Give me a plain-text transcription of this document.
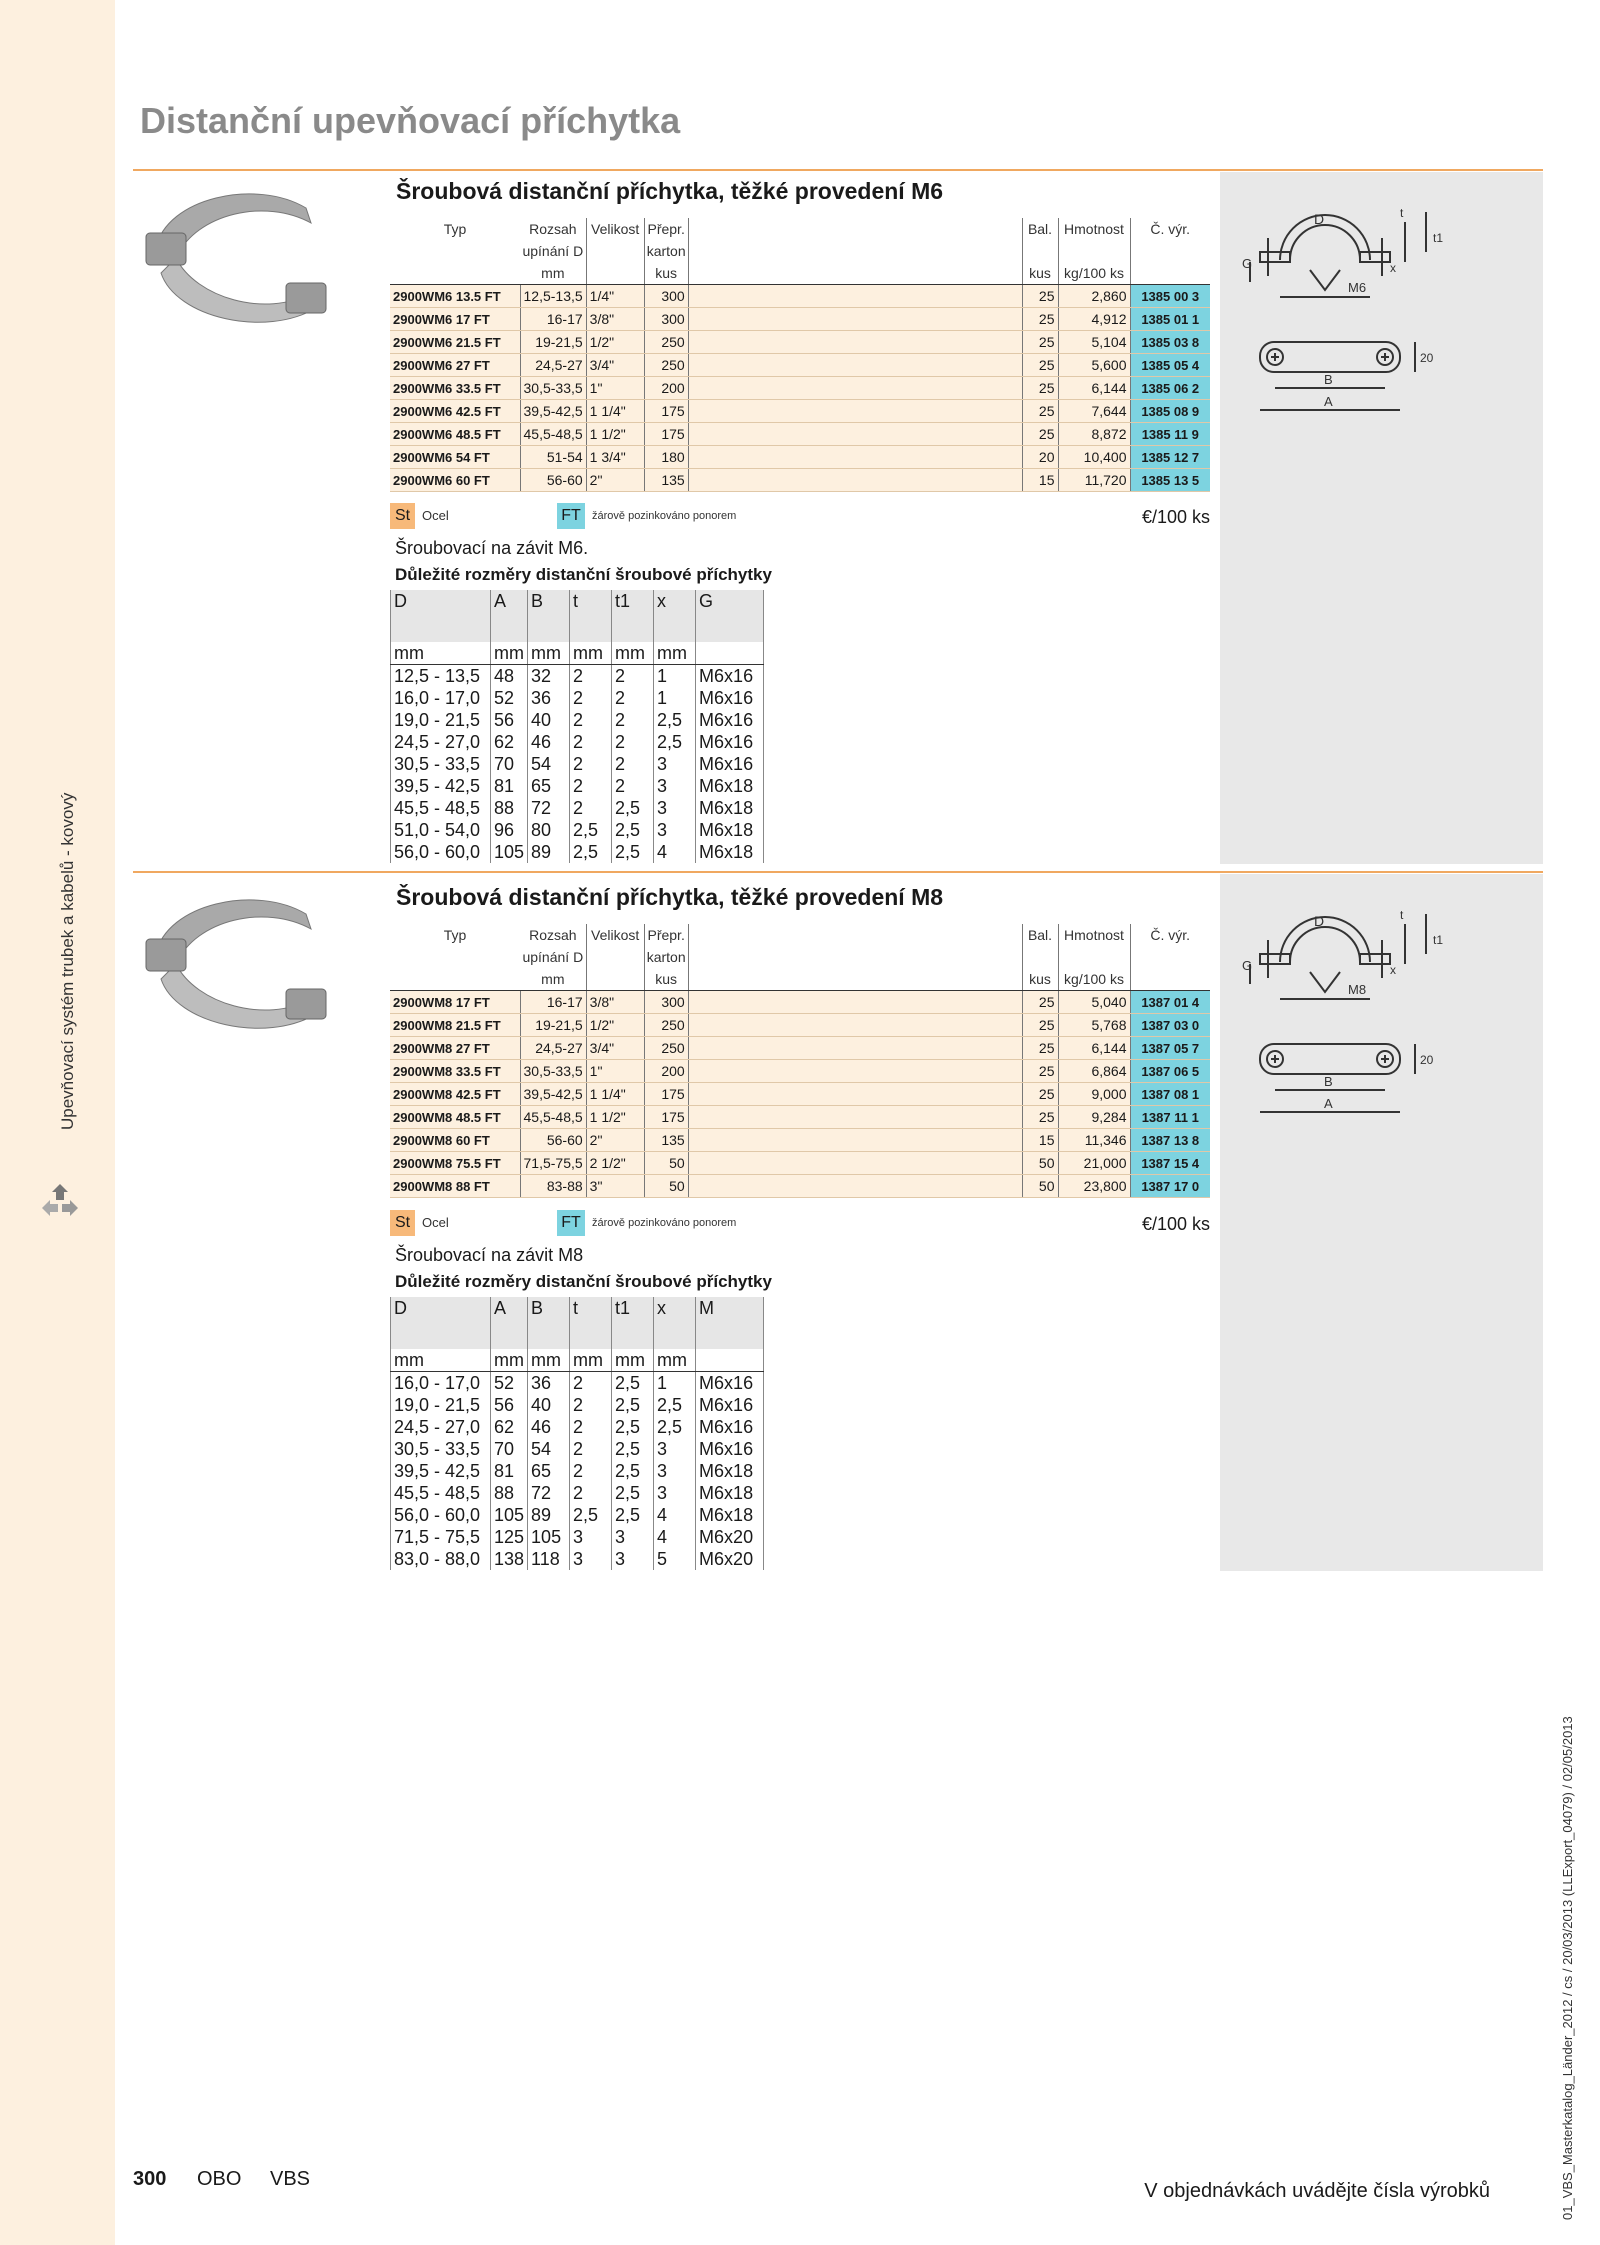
Upevňovací systém trubek a kabelů - kovový
Distanční upevňovací příchytka
01_VBS_Masterkatalog_Länder_2012 / cs / 20/03/2013 (LLExport_04079) / 02/05/2013
D
G
M6
t
t1
x
B
A
20
Šroubová distanční příchytka, těžké provedení M6
Typ	Rozsah
upínání D	Velikost	Přepr.
karton		Bal.	Hmotnost	Č. výr.
	mm		kus		kus	kg/100 ks	
2900WM6 13.5 FT	12,5-13,5	1/4"	300		25	2,860	1385 00 3
2900WM6 17 FT	16-17	3/8"	300		25	4,912	1385 01 1
2900WM6 21.5 FT	19-21,5	1/2"	250		25	5,104	1385 03 8
2900WM6 27 FT	24,5-27	3/4"	250		25	5,600	1385 05 4
2900WM6 33.5 FT	30,5-33,5	1"	200		25	6,144	1385 06 2
2900WM6 42.5 FT	39,5-42,5	1 1/4"	175		25	7,644	1385 08 9
2900WM6 48.5 FT	45,5-48,5	1 1/2"	175		25	8,872	1385 11 9
2900WM6 54 FT	51-54	1 3/4"	180		20	10,400	1385 12 7
2900WM6 60 FT	56-60	2"	135		15	11,720	1385 13 5
St Ocel	FT	žárově pozinkováno ponorem	€/100 ks
Šroubovací na závit M6.
Důležité rozměry distanční šroubové příchytky
D	A	B	t	t1	x	G
mm	mm	mm	mm	mm	mm	
12,5 - 13,5	48	32	2	2	1	M6x16
16,0 - 17,0	52	36	2	2	1	M6x16
19,0 - 21,5	56	40	2	2	2,5	M6x16
24,5 - 27,0	62	46	2	2	2,5	M6x16
30,5 - 33,5	70	54	2	2	3	M6x16
39,5 - 42,5	81	65	2	2	3	M6x18
45,5 - 48,5	88	72	2	2,5	3	M6x18
51,0 - 54,0	96	80	2,5	2,5	3	M6x18
56,0 - 60,0	105	89	2,5	2,5	4	M6x18
D
G
M8
t
t1
x
B
A
20
Šroubová distanční příchytka, těžké provedení M8
Typ	Rozsah
upínání D	Velikost	Přepr.
karton		Bal.	Hmotnost	Č. výr.
	mm		kus		kus	kg/100 ks	
2900WM8 17 FT	16-17	3/8"	300		25	5,040	1387 01 4
2900WM8 21.5 FT	19-21,5	1/2"	250		25	5,768	1387 03 0
2900WM8 27 FT	24,5-27	3/4"	250		25	6,144	1387 05 7
2900WM8 33.5 FT	30,5-33,5	1"	200		25	6,864	1387 06 5
2900WM8 42.5 FT	39,5-42,5	1 1/4"	175		25	9,000	1387 08 1
2900WM8 48.5 FT	45,5-48,5	1 1/2"	175		25	9,284	1387 11 1
2900WM8 60 FT	56-60	2"	135		15	11,346	1387 13 8
2900WM8 75.5 FT	71,5-75,5	2 1/2"	50		50	21,000	1387 15 4
2900WM8 88 FT	83-88	3"	50		50	23,800	1387 17 0
St Ocel	FT	žárově pozinkováno ponorem	€/100 ks
Šroubovací na závit M8
Důležité rozměry distanční šroubové příchytky
D	A	B	t	t1	x	M
mm	mm	mm	mm	mm	mm	
16,0 - 17,0	52	36	2	2,5	1	M6x16
19,0 - 21,5	56	40	2	2,5	2,5	M6x16
24,5 - 27,0	62	46	2	2,5	2,5	M6x16
30,5 - 33,5	70	54	2	2,5	3	M6x16
39,5 - 42,5	81	65	2	2,5	3	M6x18
45,5 - 48,5	88	72	2	2,5	3	M6x18
56,0 - 60,0	105	89	2,5	2,5	4	M6x18
71,5 - 75,5	125	105	3	3	4	M6x20
83,0 - 88,0	138	118	3	3	5	M6x20
300 OBO VBS
V objednávkách uvádějte čísla výrobků
